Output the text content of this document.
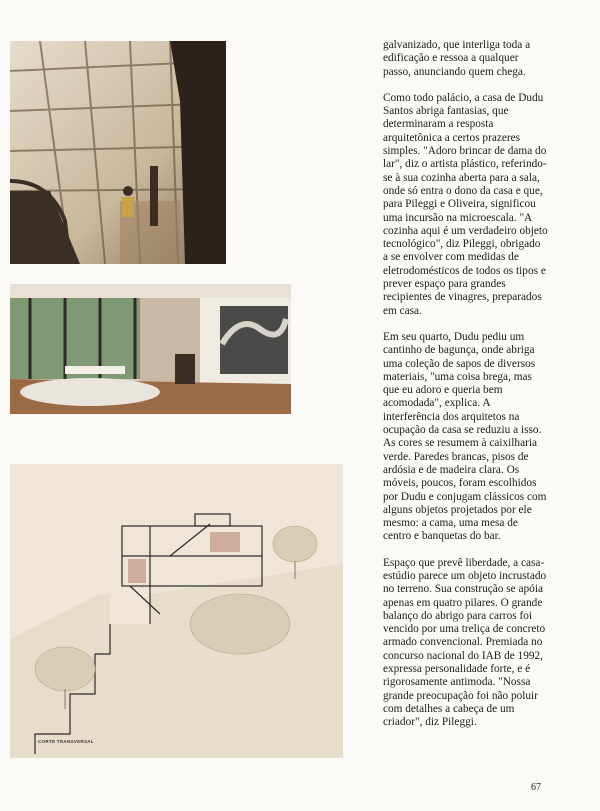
CORTE TRANSVERSAL

galvanizado, que interliga toda a edificação e ressoa a qualquer passo, anunciando quem chega.

Como todo palácio, a casa de Dudu Santos abriga fantasias, que determinaram a resposta arquitetônica a certos prazeres simples. "Adoro brincar de dama do lar", diz o artista plástico, referindo-se à sua cozinha aberta para a sala, onde só entra o dono da casa e que, para Pileggi e Oliveira, significou uma incursão na microescala. "A cozinha aqui é um verdadeiro objeto tecnológico", diz Pileggi, obrigado a se envolver com medidas de eletrodomésticos de todos os tipos e prever espaço para grandes recipientes de vinagres, preparados em casa.

Em seu quarto, Dudu pediu um cantinho de bagunça, onde abriga uma coleção de sapos de diversos materiais, "uma coisa brega, mas que eu adoro e queria bem acomodada", explica. A interferência dos arquitetos na ocupação da casa se reduziu a isso. As cores se resumem à caixilharia verde. Paredes brancas, pisos de ardósia e de madeira clara. Os móveis, poucos, foram escolhidos por Dudu e conjugam clássicos com alguns objetos projetados por ele mesmo: a cama, uma mesa de centro e banquetas do bar.

Espaço que prevê liberdade, a casa-estúdio parece um objeto incrustado no terreno. Sua construção se apóia apenas em quatro pilares. O grande balanço do abrigo para carros foi vencido por uma treliça de concreto armado convencional. Premiada no concurso nacional do IAB de 1992, expressa personalidade forte, e é rigorosamente antimoda. "Nossa grande preocupação foi não poluir com detalhes a cabeça de um criador", diz Pileggi.

67
